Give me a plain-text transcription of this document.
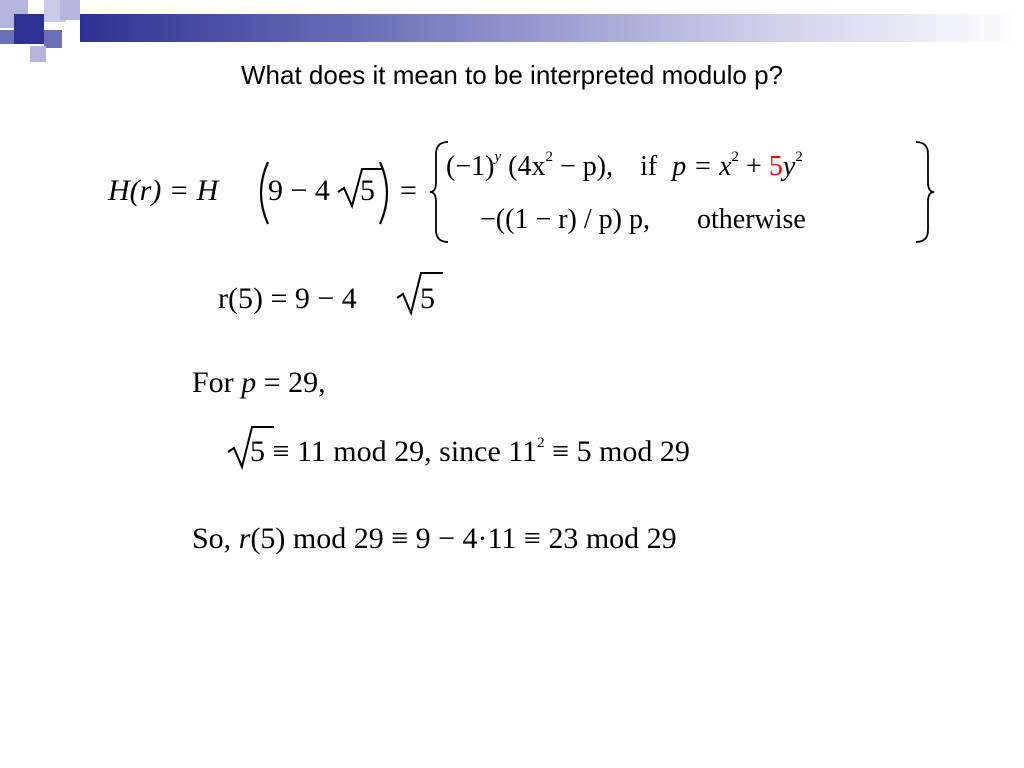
What does it mean to be interpreted modulo p?
H(r) = H 9 − 4 5 =
$(-1)^y$ $(4x^2 - p)$, if $p = x^2 + 5y^2$
−((1 − r) / p) p, otherwise
r(5) = 9 − 4 5
For p = 29,
5 ≡ 11 mod 29, since $11^2 \equiv 5$ mod 29
So, r(5) mod 29 ≡ 9 − 4·11 ≡ 23 mod 29
